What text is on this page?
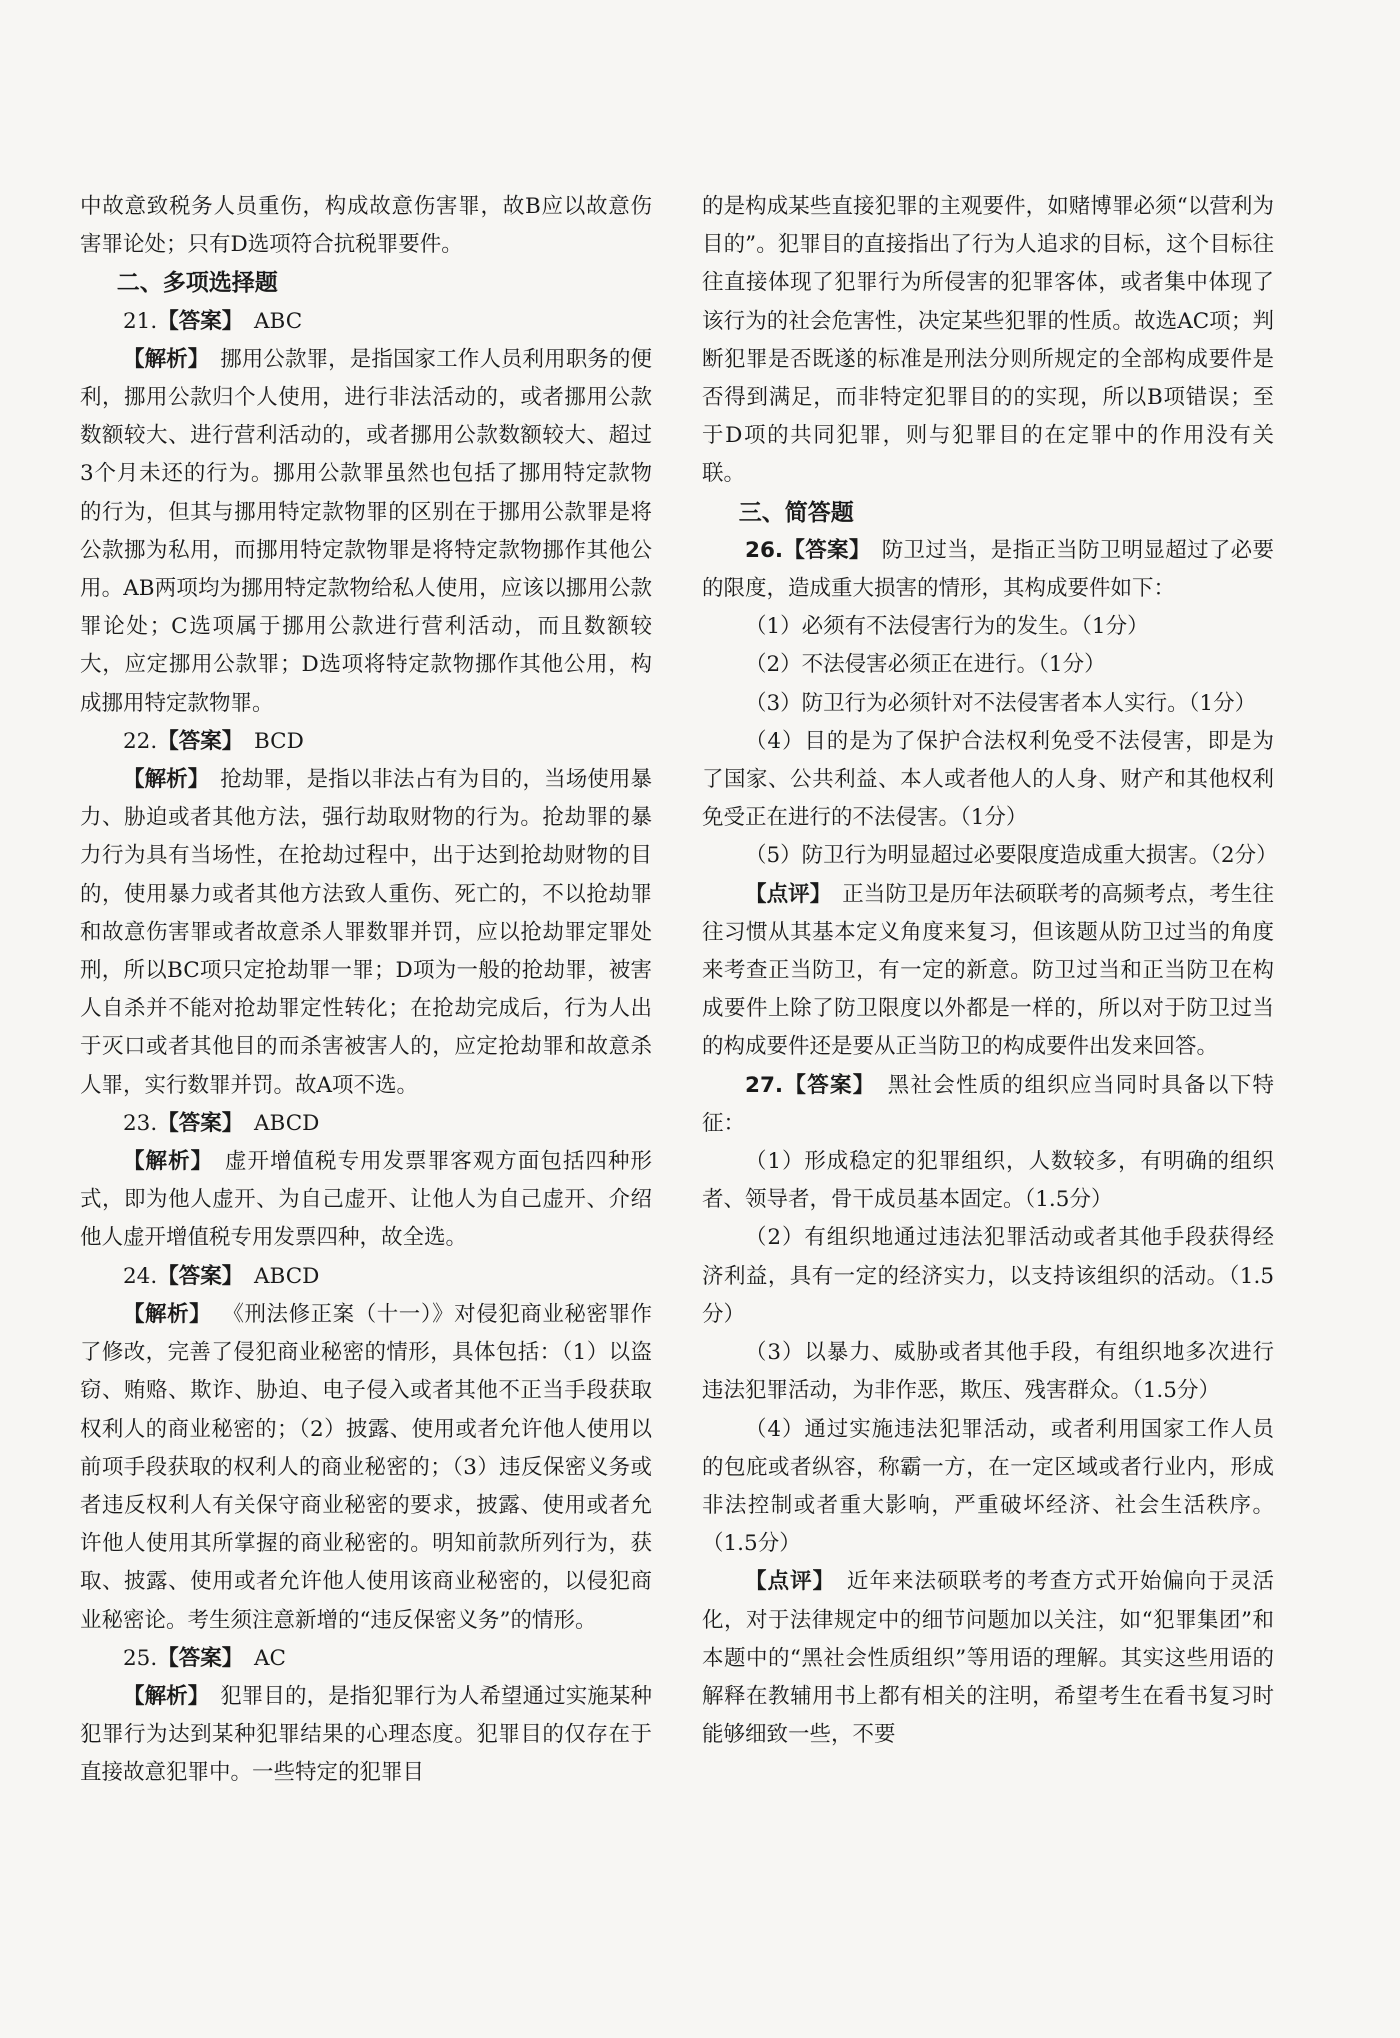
中故意致税务人员重伤，构成故意伤害罪，故B应以故意伤害罪论处；只有D选项符合抗税罪要件。

二、多项选择题

21.【答案】  ABC

【解析】  挪用公款罪，是指国家工作人员利用职务的便利，挪用公款归个人使用，进行非法活动的，或者挪用公款数额较大、进行营利活动的，或者挪用公款数额较大、超过3个月未还的行为。挪用公款罪虽然也包括了挪用特定款物的行为，但其与挪用特定款物罪的区别在于挪用公款罪是将公款挪为私用，而挪用特定款物罪是将特定款物挪作其他公用。AB两项均为挪用特定款物给私人使用，应该以挪用公款罪论处；C选项属于挪用公款进行营利活动，而且数额较大，应定挪用公款罪；D选项将特定款物挪作其他公用，构成挪用特定款物罪。

22.【答案】  BCD

【解析】  抢劫罪，是指以非法占有为目的，当场使用暴力、胁迫或者其他方法，强行劫取财物的行为。抢劫罪的暴力行为具有当场性，在抢劫过程中，出于达到抢劫财物的目的，使用暴力或者其他方法致人重伤、死亡的，不以抢劫罪和故意伤害罪或者故意杀人罪数罪并罚，应以抢劫罪定罪处刑，所以BC项只定抢劫罪一罪；D项为一般的抢劫罪，被害人自杀并不能对抢劫罪定性转化；在抢劫完成后，行为人出于灭口或者其他目的而杀害被害人的，应定抢劫罪和故意杀人罪，实行数罪并罚。故A项不选。

23.【答案】  ABCD

【解析】  虚开增值税专用发票罪客观方面包括四种形式，即为他人虚开、为自己虚开、让他人为自己虚开、介绍他人虚开增值税专用发票四种，故全选。

24.【答案】  ABCD

【解析】  《刑法修正案（十一）》对侵犯商业秘密罪作了修改，完善了侵犯商业秘密的情形，具体包括：（1）以盗窃、贿赂、欺诈、胁迫、电子侵入或者其他不正当手段获取权利人的商业秘密的；（2）披露、使用或者允许他人使用以前项手段获取的权利人的商业秘密的；（3）违反保密义务或者违反权利人有关保守商业秘密的要求，披露、使用或者允许他人使用其所掌握的商业秘密的。明知前款所列行为，获取、披露、使用或者允许他人使用该商业秘密的，以侵犯商业秘密论。考生须注意新增的“违反保密义务”的情形。

25.【答案】  AC

【解析】  犯罪目的，是指犯罪行为人希望通过实施某种犯罪行为达到某种犯罪结果的心理态度。犯罪目的仅存在于直接故意犯罪中。一些特定的犯罪目

的是构成某些直接犯罪的主观要件，如赌博罪必须“以营利为目的”。犯罪目的直接指出了行为人追求的目标，这个目标往往直接体现了犯罪行为所侵害的犯罪客体，或者集中体现了该行为的社会危害性，决定某些犯罪的性质。故选AC项；判断犯罪是否既遂的标准是刑法分则所规定的全部构成要件是否得到满足，而非特定犯罪目的的实现，所以B项错误；至于D项的共同犯罪，则与犯罪目的在定罪中的作用没有关联。

三、简答题

26.【答案】  防卫过当，是指正当防卫明显超过了必要的限度，造成重大损害的情形，其构成要件如下：

（1）必须有不法侵害行为的发生。（1分）

（2）不法侵害必须正在进行。（1分）

（3）防卫行为必须针对不法侵害者本人实行。（1分）

（4）目的是为了保护合法权利免受不法侵害，即是为了国家、公共利益、本人或者他人的人身、财产和其他权利免受正在进行的不法侵害。（1分）

（5）防卫行为明显超过必要限度造成重大损害。（2分）

【点评】  正当防卫是历年法硕联考的高频考点，考生往往习惯从其基本定义角度来复习，但该题从防卫过当的角度来考查正当防卫，有一定的新意。防卫过当和正当防卫在构成要件上除了防卫限度以外都是一样的，所以对于防卫过当的构成要件还是要从正当防卫的构成要件出发来回答。

27.【答案】  黑社会性质的组织应当同时具备以下特征：

（1）形成稳定的犯罪组织，人数较多，有明确的组织者、领导者，骨干成员基本固定。（1.5分）

（2）有组织地通过违法犯罪活动或者其他手段获得经济利益，具有一定的经济实力，以支持该组织的活动。（1.5分）

（3）以暴力、威胁或者其他手段，有组织地多次进行违法犯罪活动，为非作恶，欺压、残害群众。（1.5分）

（4）通过实施违法犯罪活动，或者利用国家工作人员的包庇或者纵容，称霸一方，在一定区域或者行业内，形成非法控制或者重大影响，严重破坏经济、社会生活秩序。（1.5分）

【点评】  近年来法硕联考的考查方式开始偏向于灵活化，对于法律规定中的细节问题加以关注，如“犯罪集团”和本题中的“黑社会性质组织”等用语的理解。其实这些用语的解释在教辅用书上都有相关的注明，希望考生在看书复习时能够细致一些，不要
